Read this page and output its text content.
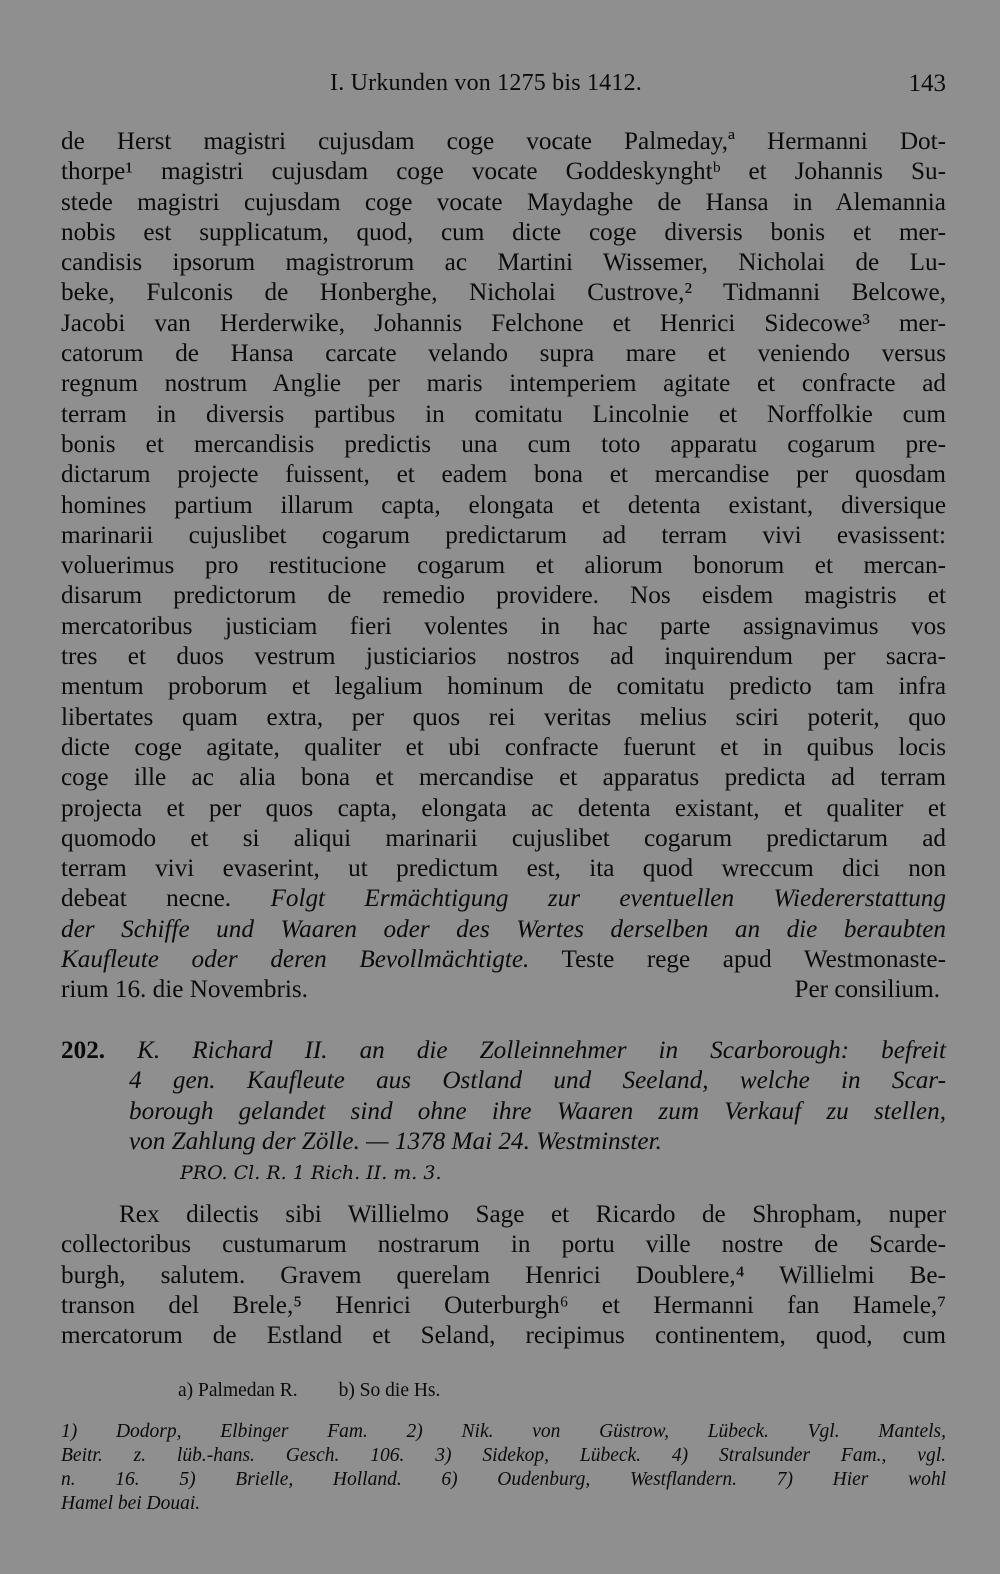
I. Urkunden von 1275 bis 1412.	143
de Herst magistri cujusdam coge vocate Palmeday,ª Hermanni Dot-
thorpe¹ magistri cujusdam coge vocate Goddeskynghtᵇ et Johannis Su-
stede magistri cujusdam coge vocate Maydaghe de Hansa in Alemannia
nobis est supplicatum, quod, cum dicte coge diversis bonis et mer-
candisis ipsorum magistrorum ac Martini Wissemer, Nicholai de Lu-
beke, Fulconis de Honberghe, Nicholai Custrove,² Tidmanni Belcowe,
Jacobi van Herderwike, Johannis Felchone et Henrici Sidecowe³ mer-
catorum de Hansa carcate velando supra mare et veniendo versus
regnum nostrum Anglie per maris intemperiem agitate et confracte ad
terram in diversis partibus in comitatu Lincolnie et Norffolkie cum
bonis et mercandisis predictis una cum toto apparatu cogarum pre-
dictarum projecte fuissent, et eadem bona et mercandise per quosdam
homines partium illarum capta, elongata et detenta existant, diversique
marinarii cujuslibet cogarum predictarum ad terram vivi evasissent:
voluerimus pro restitucione cogarum et aliorum bonorum et mercan-
disarum predictorum de remedio providere. Nos eisdem magistris et
mercatoribus justiciam fieri volentes in hac parte assignavimus vos
tres et duos vestrum justiciarios nostros ad inquirendum per sacra-
mentum proborum et legalium hominum de comitatu predicto tam infra
libertates quam extra, per quos rei veritas melius sciri poterit, quo
dicte coge agitate, qualiter et ubi confracte fuerunt et in quibus locis
coge ille ac alia bona et mercandise et apparatus predicta ad terram
projecta et per quos capta, elongata ac detenta existant, et qualiter et
quomodo et si aliqui marinarii cujuslibet cogarum predictarum ad
terram vivi evaserint, ut predictum est, ita quod wreccum dici non
debeat necne. Folgt Ermächtigung zur eventuellen Wiedererstattung
der Schiffe und Waaren oder des Wertes derselben an die beraubten
Kaufleute oder deren Bevollmächtigte. Teste rege apud Westmonaste-
rium 16. die Novembris.	Per consilium.
202. K. Richard II. an die Zolleinnehmer in Scarborough: befreit
4 gen. Kaufleute aus Ostland und Seeland, welche in Scar-
borough gelandet sind ohne ihre Waaren zum Verkauf zu stellen,
von Zahlung der Zölle. — 1378 Mai 24. Westminster.
PRO. Cl. R. 1 Rich. II. m. 3.
Rex dilectis sibi Willielmo Sage et Ricardo de Shropham, nuper
collectoribus custumarum nostrarum in portu ville nostre de Scarde-
burgh, salutem. Gravem querelam Henrici Doublere,⁴ Willielmi Be-
transon del Brele,⁵ Henrici Outerburgh⁶ et Hermanni fan Hamele,⁷
mercatorum de Estland et Seland, recipimus continentem, quod, cum
a) Palmedan R. b) So die Hs.
1) Dodorp, Elbinger Fam. 2) Nik. von Güstrow, Lübeck. Vgl. Mantels,
Beitr. z. lüb.-hans. Gesch. 106. 3) Sidekop, Lübeck. 4) Stralsunder Fam., vgl.
n. 16. 5) Brielle, Holland. 6) Oudenburg, Westflandern. 7) Hier wohl
Hamel bei Douai.
